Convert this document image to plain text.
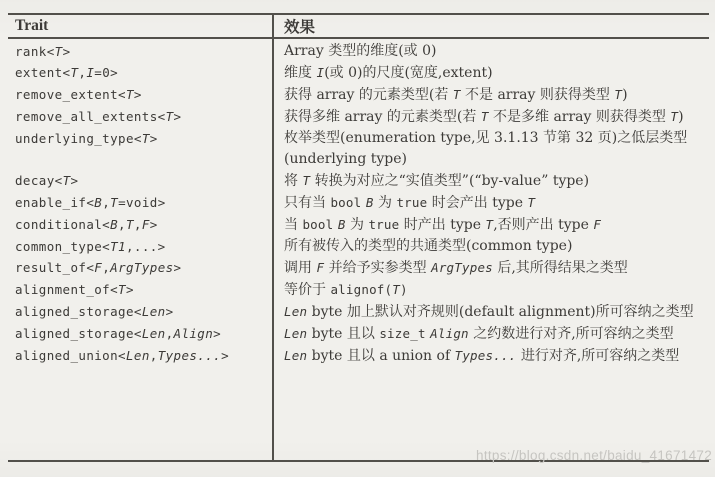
Trait	效果
rank<T>	Array 类型的维度(或 0)
extent<T,I=0>	维度 I(或 0)的尺度(宽度,extent)
remove_extent<T>	获得 array 的元素类型(若 T 不是 array 则获得类型 T)
remove_all_extents<T>	获得多维 array 的元素类型(若 T 不是多维 array 则获得类型 T)
underlying_type<T>	枚举类型(enumeration type,见 3.1.13 节第 32 页)之低层类型(underlying type)
decay<T>	将 T 转换为对应之“实值类型”(“by-value” type)
enable_if<B,T=void>	只有当 bool B 为 true 时会产出 type T
conditional<B,T,F>	当 bool B 为 true 时产出 type T,否则产出 type F
common_type<T1,...>	所有被传入的类型的共通类型(common type)
result_of<F,ArgTypes>	调用 F 并给予实参类型 ArgTypes 后,其所得结果之类型
alignment_of<T>	等价于 alignof(T)
aligned_storage<Len>	Len byte 加上默认对齐规则(default alignment)所可容纳之类型
aligned_storage<Len,Align>	Len byte 且以 size_t Align 之约数进行对齐,所可容纳之类型
aligned_union<Len,Types...>	Len byte 且以 a union of Types... 进行对齐,所可容纳之类型
https://blog.csdn.net/baidu_41671472
